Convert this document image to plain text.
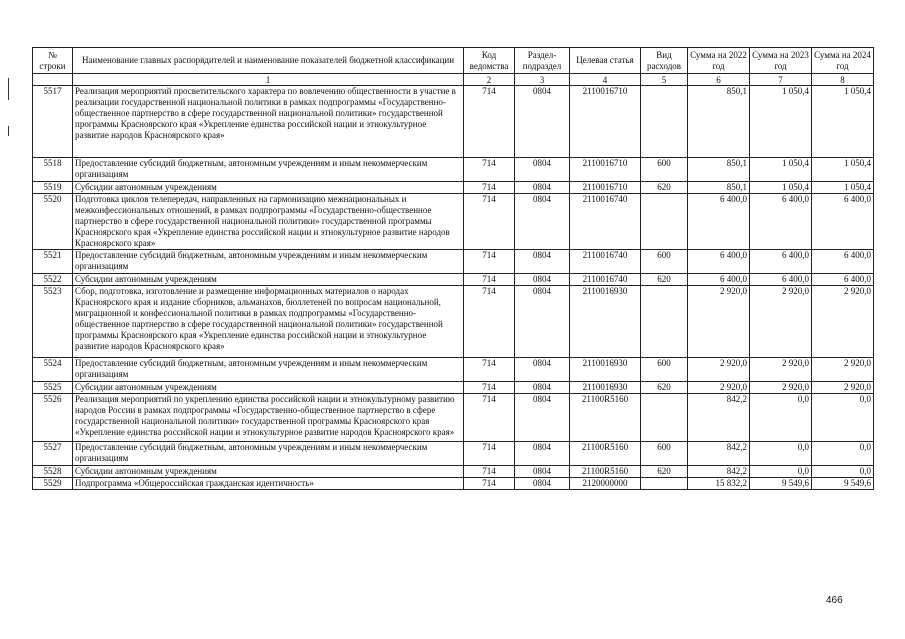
№ строки	Наименование главных распорядителей и наименование показателей бюджетной классификации	Код ведомства	Раздел-подраздел	Целевая статья	Вид расходов	Сумма на 2022 год	Сумма на 2023 год	Сумма на 2024 год
	1	2	3	4	5	6	7	8
5517	Реализация мероприятий просветительского характера по вовлечению общественности в участие в реализации государственной национальной политики в рамках подпрограммы «Государственно-общественное партнерство в сфере государственной национальной политики» государственной программы Красноярского края «Укрепление единства российской нации и этнокультурное развитие народов Красноярского края»	714	0804	2110016710		850,1	1 050,4	1 050,4
5518	Предоставление субсидий бюджетным, автономным учреждениям и иным некоммерческим организациям	714	0804	2110016710	600	850,1	1 050,4	1 050,4
5519	Субсидии автономным учреждениям	714	0804	2110016710	620	850,1	1 050,4	1 050,4
5520	Подготовка циклов телепередач, направленных на гармонизацию межнациональных и межконфессиональных отношений, в рамках подпрограммы «Государственно-общественное партнерство в сфере государственной национальной политики» государственной программы Красноярского края «Укрепление единства российской нации и этнокультурное развитие народов Красноярского края»	714	0804	2110016740		6 400,0	6 400,0	6 400,0
5521	Предоставление субсидий бюджетным, автономным учреждениям и иным некоммерческим организациям	714	0804	2110016740	600	6 400,0	6 400,0	6 400,0
5522	Субсидии автономным учреждениям	714	0804	2110016740	620	6 400,0	6 400,0	6 400,0
5523	Сбор, подготовка, изготовление и размещение информационных материалов о народах Красноярского края и издание сборников, альманахов, бюллетеней по вопросам национальной, миграционной и конфессиональной политики в рамках подпрограммы «Государственно-общественное партнерство в сфере государственной национальной политики» государственной программы Красноярского края «Укрепление единства российской нации и этнокультурное развитие народов Красноярского края»	714	0804	2110016930		2 920,0	2 920,0	2 920,0
5524	Предоставление субсидий бюджетным, автономным учреждениям и иным некоммерческим организациям	714	0804	2110016930	600	2 920,0	2 920,0	2 920,0
5525	Субсидии автономным учреждениям	714	0804	2110016930	620	2 920,0	2 920,0	2 920,0
5526	Реализация мероприятий по укреплению единства российской нации и этнокультурному развитию народов России в рамках подпрограммы «Государственно-общественное партнерство в сфере государственной национальной политики» государственной программы Красноярского края «Укрепление единства российской нации и этнокультурное развитие народов Красноярского края»	714	0804	21100R5160		842,2	0,0	0,0
5527	Предоставление субсидий бюджетным, автономным учреждениям и иным некоммерческим организациям	714	0804	21100R5160	600	842,2	0,0	0,0
5528	Субсидии автономным учреждениям	714	0804	21100R5160	620	842,2	0,0	0,0
5529	Подпрограмма «Общероссийская гражданская идентичность»	714	0804	2120000000		15 832,2	9 549,6	9 549,6
466
